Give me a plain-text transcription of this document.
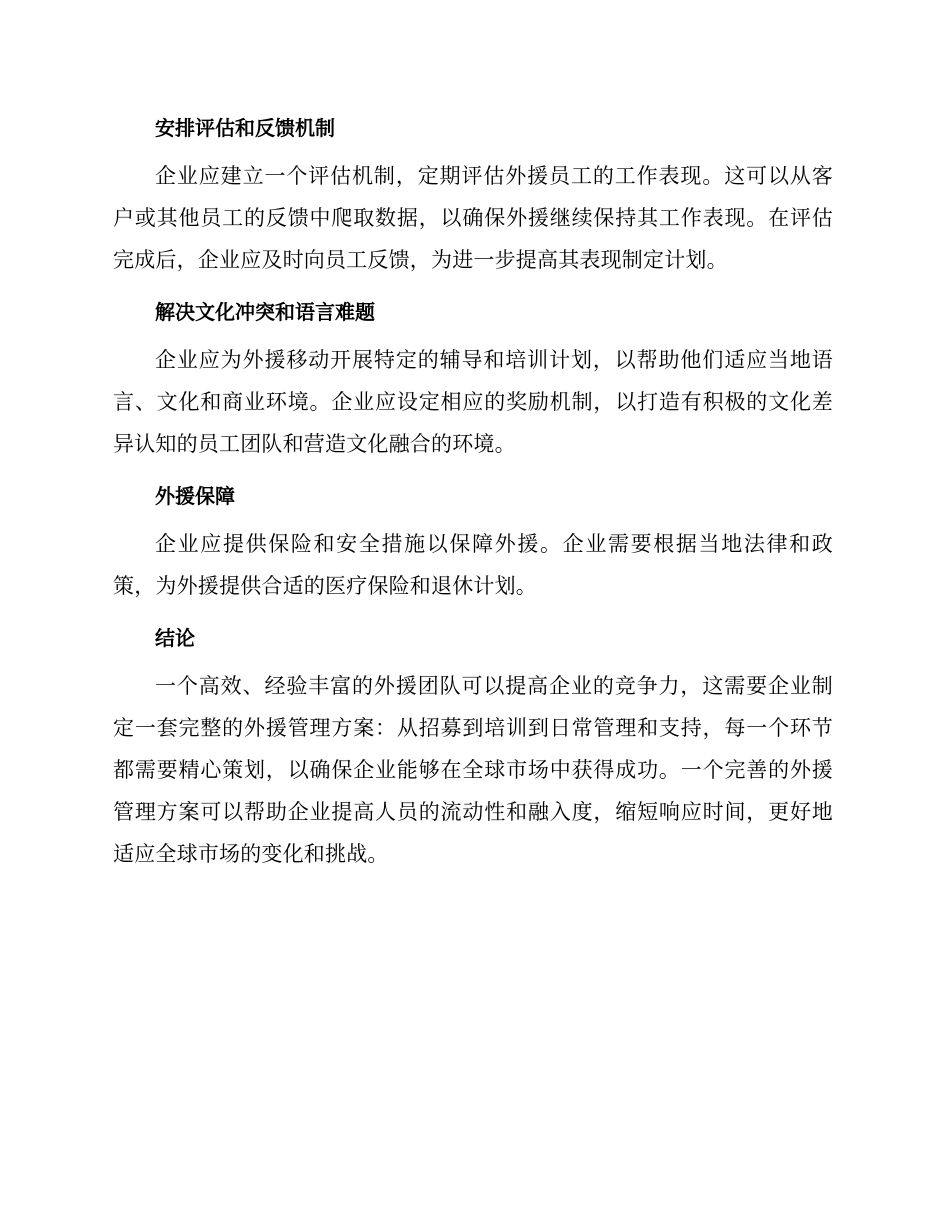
安排评估和反馈机制

企业应建立一个评估机制，定期评估外援员工的工作表现。这可以从客户或其他员工的反馈中爬取数据，以确保外援继续保持其工作表现。在评估完成后，企业应及时向员工反馈，为进一步提高其表现制定计划。

解决文化冲突和语言难题

企业应为外援移动开展特定的辅导和培训计划，以帮助他们适应当地语言、文化和商业环境。企业应设定相应的奖励机制，以打造有积极的文化差异认知的员工团队和营造文化融合的环境。

外援保障

企业应提供保险和安全措施以保障外援。企业需要根据当地法律和政策，为外援提供合适的医疗保险和退休计划。

结论

一个高效、经验丰富的外援团队可以提高企业的竞争力，这需要企业制定一套完整的外援管理方案：从招募到培训到日常管理和支持，每一个环节都需要精心策划，以确保企业能够在全球市场中获得成功。一个完善的外援管理方案可以帮助企业提高人员的流动性和融入度，缩短响应时间，更好地适应全球市场的变化和挑战。
